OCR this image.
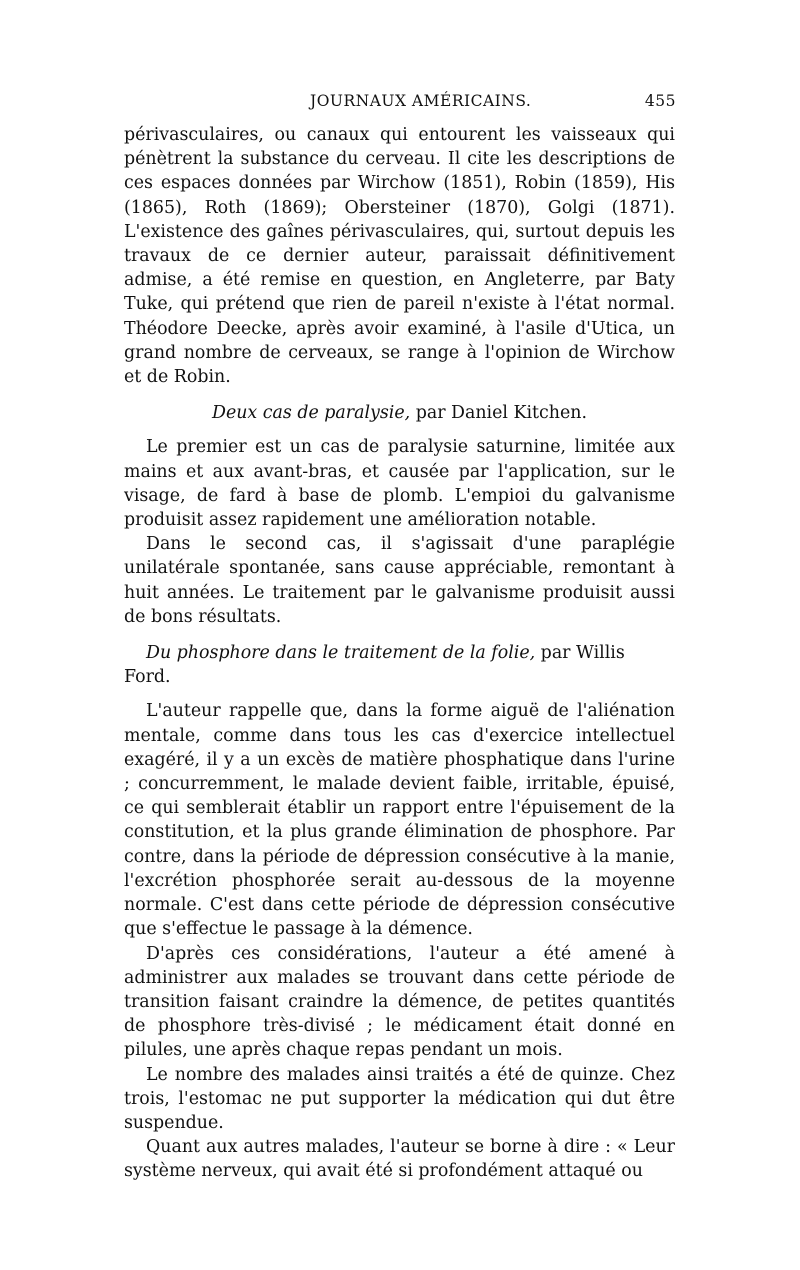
JOURNAUX AMÉRICAINS.	455

périvasculaires, ou canaux qui entourent les vaisseaux qui pénètrent la substance du cerveau. Il cite les descriptions de ces espaces données par Wirchow (1851), Robin (1859), His (1865), Roth (1869); Obersteiner (1870), Golgi (1871). L'existence des gaînes périvasculaires, qui, surtout depuis les travaux de ce dernier auteur, paraissait définitivement admise, a été remise en question, en Angleterre, par Baty Tuke, qui prétend que rien de pareil n'existe à l'état normal. Théodore Deecke, après avoir examiné, à l'asile d'Utica, un grand nombre de cerveaux, se range à l'opinion de Wirchow et de Robin.

Deux cas de paralysie, par Daniel Kitchen.

Le premier est un cas de paralysie saturnine, limitée aux mains et aux avant-bras, et causée par l'application, sur le visage, de fard à base de plomb. L'empioi du galvanisme produisit assez rapidement une amélioration notable.

Dans le second cas, il s'agissait d'une paraplégie unilatérale spontanée, sans cause appréciable, remontant à huit années. Le traitement par le galvanisme produisit aussi de bons résultats.

Du phosphore dans le traitement de la folie, par Willis Ford.

L'auteur rappelle que, dans la forme aiguë de l'aliénation mentale, comme dans tous les cas d'exercice intellectuel exagéré, il y a un excès de matière phosphatique dans l'urine ; concurremment, le malade devient faible, irritable, épuisé, ce qui semblerait établir un rapport entre l'épuisement de la constitution, et la plus grande élimination de phosphore. Par contre, dans la période de dépression consécutive à la manie, l'excrétion phosphorée serait au-dessous de la moyenne normale. C'est dans cette période de dépression consécutive que s'effectue le passage à la démence.

D'après ces considérations, l'auteur a été amené à administrer aux malades se trouvant dans cette période de transition faisant craindre la démence, de petites quantités de phosphore très-divisé ; le médicament était donné en pilules, une après chaque repas pendant un mois.

Le nombre des malades ainsi traités a été de quinze. Chez trois, l'estomac ne put supporter la médication qui dut être suspendue.

Quant aux autres malades, l'auteur se borne à dire : « Leur système nerveux, qui avait été si profondément attaqué ou
